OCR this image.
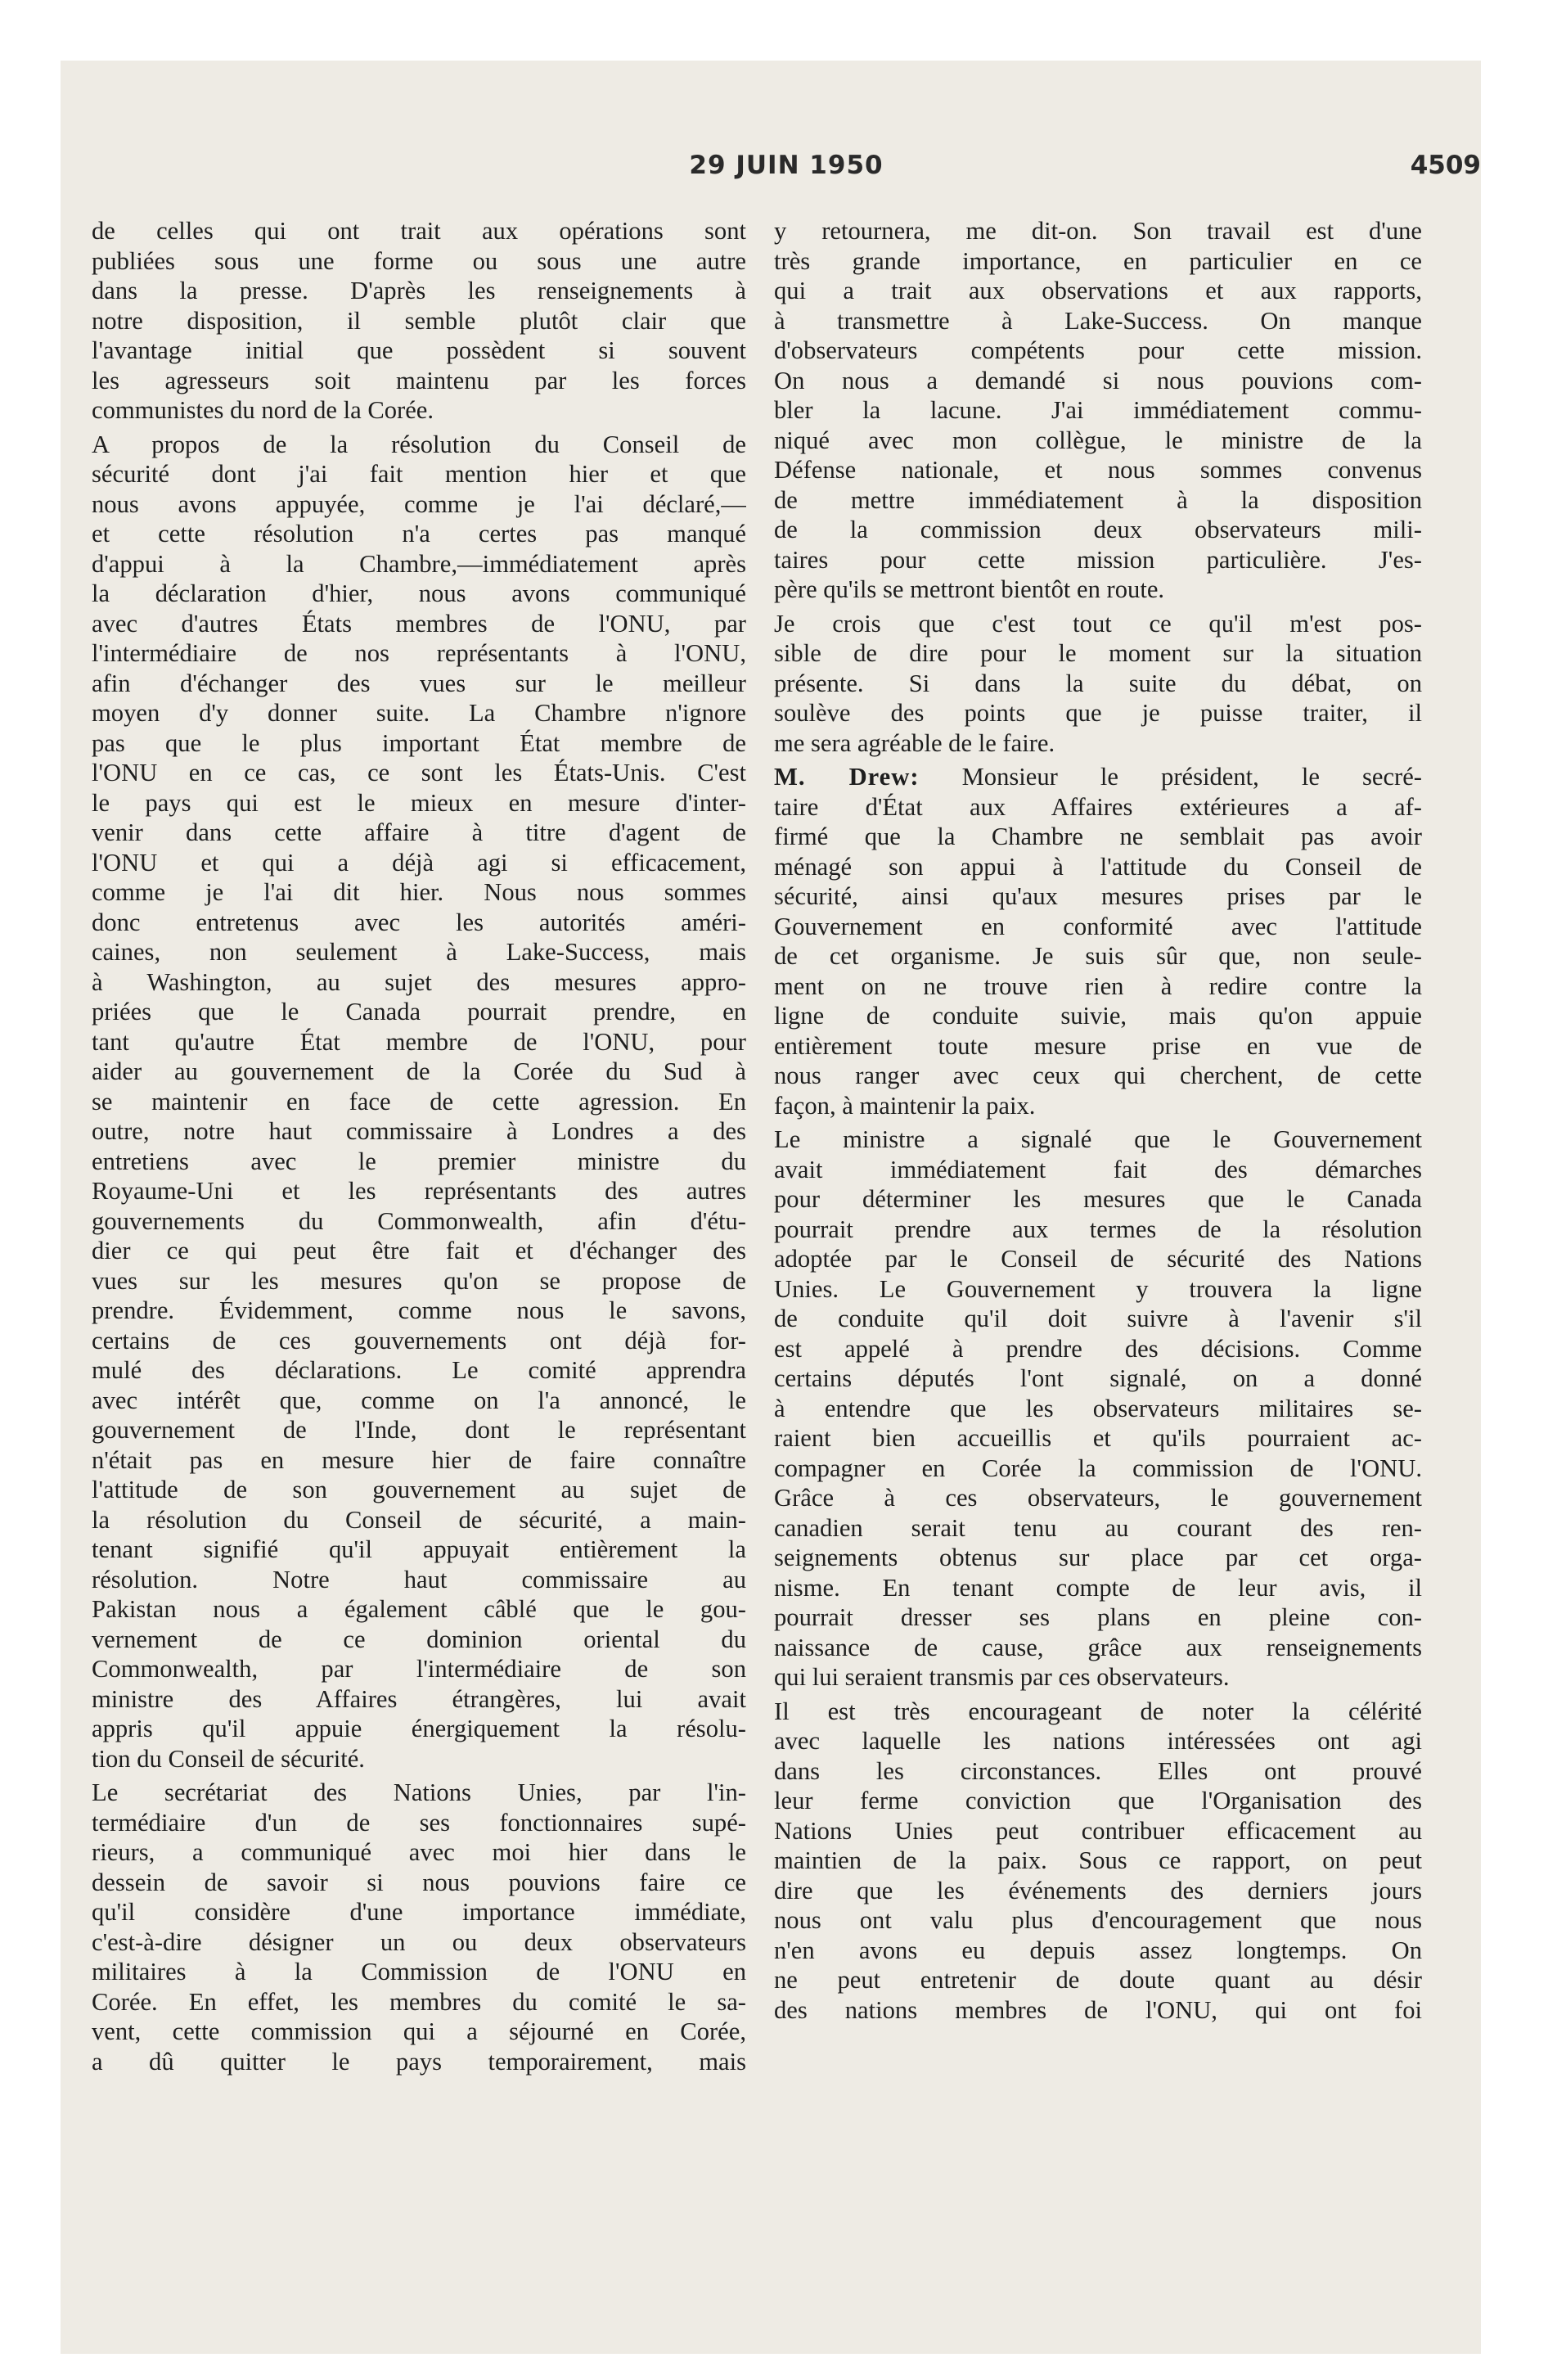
29 JUIN 1950	4509
de celles qui ont trait aux opérations sont
publiées sous une forme ou sous une autre
dans la presse. D'après les renseignements à
notre disposition, il semble plutôt clair que
l'avantage initial que possèdent si souvent
les agresseurs soit maintenu par les forces
communistes du nord de la Corée.
A propos de la résolution du Conseil de
sécurité dont j'ai fait mention hier et que
nous avons appuyée, comme je l'ai déclaré,—
et cette résolution n'a certes pas manqué
d'appui à la Chambre,—immédiatement après
la déclaration d'hier, nous avons communiqué
avec d'autres États membres de l'ONU, par
l'intermédiaire de nos représentants à l'ONU,
afin d'échanger des vues sur le meilleur
moyen d'y donner suite. La Chambre n'ignore
pas que le plus important État membre de
l'ONU en ce cas, ce sont les États-Unis. C'est
le pays qui est le mieux en mesure d'inter-
venir dans cette affaire à titre d'agent de
l'ONU et qui a déjà agi si efficacement,
comme je l'ai dit hier. Nous nous sommes
donc entretenus avec les autorités améri-
caines, non seulement à Lake-Success, mais
à Washington, au sujet des mesures appro-
priées que le Canada pourrait prendre, en
tant qu'autre État membre de l'ONU, pour
aider au gouvernement de la Corée du Sud à
se maintenir en face de cette agression. En
outre, notre haut commissaire à Londres a des
entretiens avec le premier ministre du
Royaume-Uni et les représentants des autres
gouvernements du Commonwealth, afin d'étu-
dier ce qui peut être fait et d'échanger des
vues sur les mesures qu'on se propose de
prendre. Évidemment, comme nous le savons,
certains de ces gouvernements ont déjà for-
mulé des déclarations. Le comité apprendra
avec intérêt que, comme on l'a annoncé, le
gouvernement de l'Inde, dont le représentant
n'était pas en mesure hier de faire connaître
l'attitude de son gouvernement au sujet de
la résolution du Conseil de sécurité, a main-
tenant signifié qu'il appuyait entièrement la
résolution. Notre haut commissaire au
Pakistan nous a également câblé que le gou-
vernement de ce dominion oriental du
Commonwealth, par l'intermédiaire de son
ministre des Affaires étrangères, lui avait
appris qu'il appuie énergiquement la résolu-
tion du Conseil de sécurité.
Le secrétariat des Nations Unies, par l'in-
termédiaire d'un de ses fonctionnaires supé-
rieurs, a communiqué avec moi hier dans le
dessein de savoir si nous pouvions faire ce
qu'il considère d'une importance immédiate,
c'est-à-dire désigner un ou deux observateurs
militaires à la Commission de l'ONU en
Corée. En effet, les membres du comité le sa-
vent, cette commission qui a séjourné en Corée,
a dû quitter le pays temporairement, mais
y retournera, me dit-on. Son travail est d'une
très grande importance, en particulier en ce
qui a trait aux observations et aux rapports,
à transmettre à Lake-Success. On manque
d'observateurs compétents pour cette mission.
On nous a demandé si nous pouvions com-
bler la lacune. J'ai immédiatement commu-
niqué avec mon collègue, le ministre de la
Défense nationale, et nous sommes convenus
de mettre immédiatement à la disposition
de la commission deux observateurs mili-
taires pour cette mission particulière. J'es-
père qu'ils se mettront bientôt en route.
Je crois que c'est tout ce qu'il m'est pos-
sible de dire pour le moment sur la situation
présente. Si dans la suite du débat, on
soulève des points que je puisse traiter, il
me sera agréable de le faire.
M. Drew: Monsieur le président, le secré-
taire d'État aux Affaires extérieures a af-
firmé que la Chambre ne semblait pas avoir
ménagé son appui à l'attitude du Conseil de
sécurité, ainsi qu'aux mesures prises par le
Gouvernement en conformité avec l'attitude
de cet organisme. Je suis sûr que, non seule-
ment on ne trouve rien à redire contre la
ligne de conduite suivie, mais qu'on appuie
entièrement toute mesure prise en vue de
nous ranger avec ceux qui cherchent, de cette
façon, à maintenir la paix.
Le ministre a signalé que le Gouvernement
avait immédiatement fait des démarches
pour déterminer les mesures que le Canada
pourrait prendre aux termes de la résolution
adoptée par le Conseil de sécurité des Nations
Unies. Le Gouvernement y trouvera la ligne
de conduite qu'il doit suivre à l'avenir s'il
est appelé à prendre des décisions. Comme
certains députés l'ont signalé, on a donné
à entendre que les observateurs militaires se-
raient bien accueillis et qu'ils pourraient ac-
compagner en Corée la commission de l'ONU.
Grâce à ces observateurs, le gouvernement
canadien serait tenu au courant des ren-
seignements obtenus sur place par cet orga-
nisme. En tenant compte de leur avis, il
pourrait dresser ses plans en pleine con-
naissance de cause, grâce aux renseignements
qui lui seraient transmis par ces observateurs.
Il est très encourageant de noter la célérité
avec laquelle les nations intéressées ont agi
dans les circonstances. Elles ont prouvé
leur ferme conviction que l'Organisation des
Nations Unies peut contribuer efficacement au
maintien de la paix. Sous ce rapport, on peut
dire que les événements des derniers jours
nous ont valu plus d'encouragement que nous
n'en avons eu depuis assez longtemps. On
ne peut entretenir de doute quant au désir
des nations membres de l'ONU, qui ont foi
